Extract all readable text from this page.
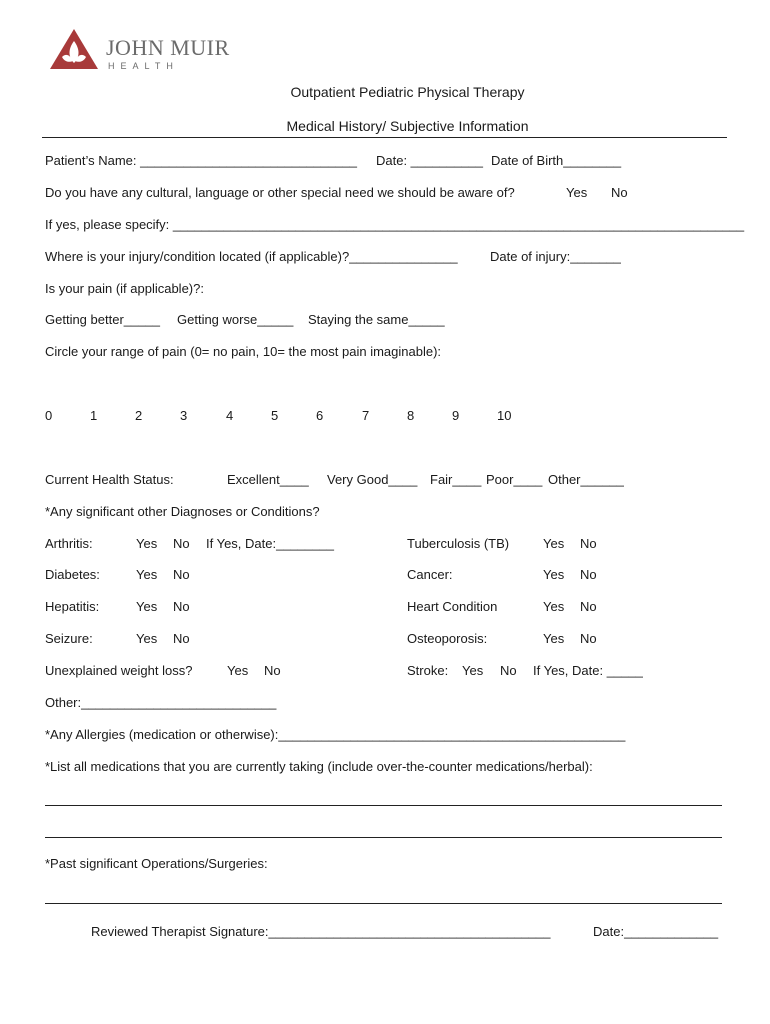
JOHN MUIR
HEALTH
Outpatient Pediatric Physical Therapy
Medical History/ Subjective Information
Patient’s Name: ______________________________ Date: __________ Date of Birth________
Do you have any cultural, language or other special need we should be aware of?	Yes No
If yes, please specify: _______________________________________________________________________________
Where is your injury/condition located (if applicable)?_______________ Date of injury:_______
Is your pain (if applicable)?:
Getting better_____ Getting worse_____ Staying the same_____
Circle your range of pain (0= no pain, 10= the most pain imaginable):
0	1	2	3	4	5	6	7	8	9	10
Current Health Status:	Excellent____ Very Good____ Fair____ Poor____ Other______
*Any significant other Diagnoses or Conditions?
Arthritis:	Yes No If Yes, Date:________	Tuberculosis (TB)	Yes No
Diabetes:	Yes No	Cancer:	Yes No
Hepatitis:	Yes No	Heart Condition	Yes No
Seizure:	Yes No	Osteoporosis:	Yes No
Unexplained weight loss?	Yes No	Stroke: Yes No If Yes, Date: _____
Other:___________________________
*Any Allergies (medication or otherwise):________________________________________________
*List all medications that you are currently taking (include over-the-counter medications/herbal):
*Past significant Operations/Surgeries:
Reviewed Therapist Signature:_______________________________________	Date:_____________
